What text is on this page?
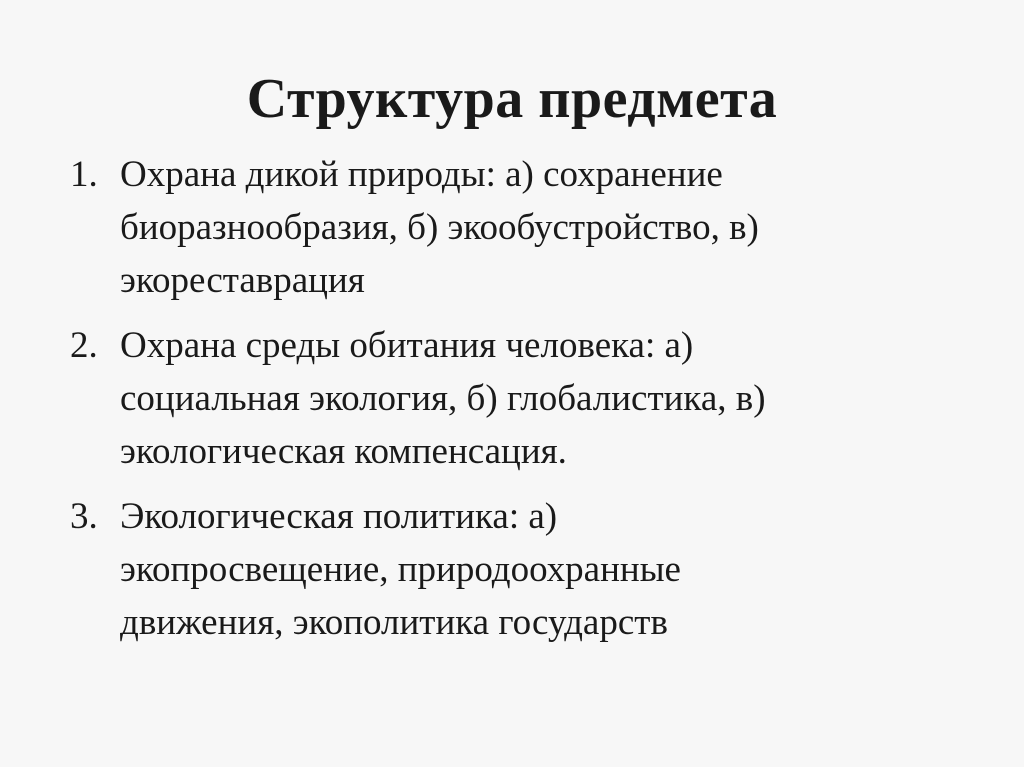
Структура предмета
1. Охрана дикой природы: а) сохранение
биоразнообразия, б) экообустройство, в)
экореставрация
2. Охрана среды обитания человека: а)
социальная экология, б) глобалистика, в)
экологическая компенсация.
3. Экологическая политика: а)
экопросвещение, природоохранные
движения, экополитика государств
